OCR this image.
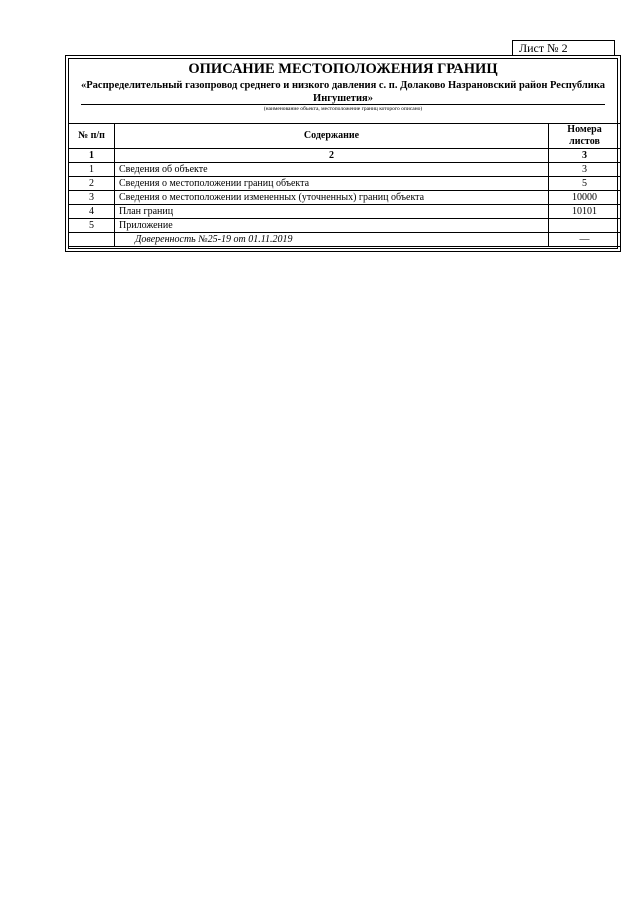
Лист № 2
ОПИСАНИЕ МЕСТОПОЛОЖЕНИЯ ГРАНИЦ
«Распределительный газопровод среднего и низкого давления с. п. Долаково Назрановский район Республика Ингушетия»
(наименование объекта, местоположение границ которого описано)
№ п/п	Содержание	Номера листов
1	2	3
1	Сведения об объекте	3
2	Сведения о местоположении границ объекта	5
3	Сведения о местоположении измененных (уточненных) границ объекта	10000
4	План границ	10101
5	Приложение	
	Доверенность №25-19 от 01.11.2019	—
